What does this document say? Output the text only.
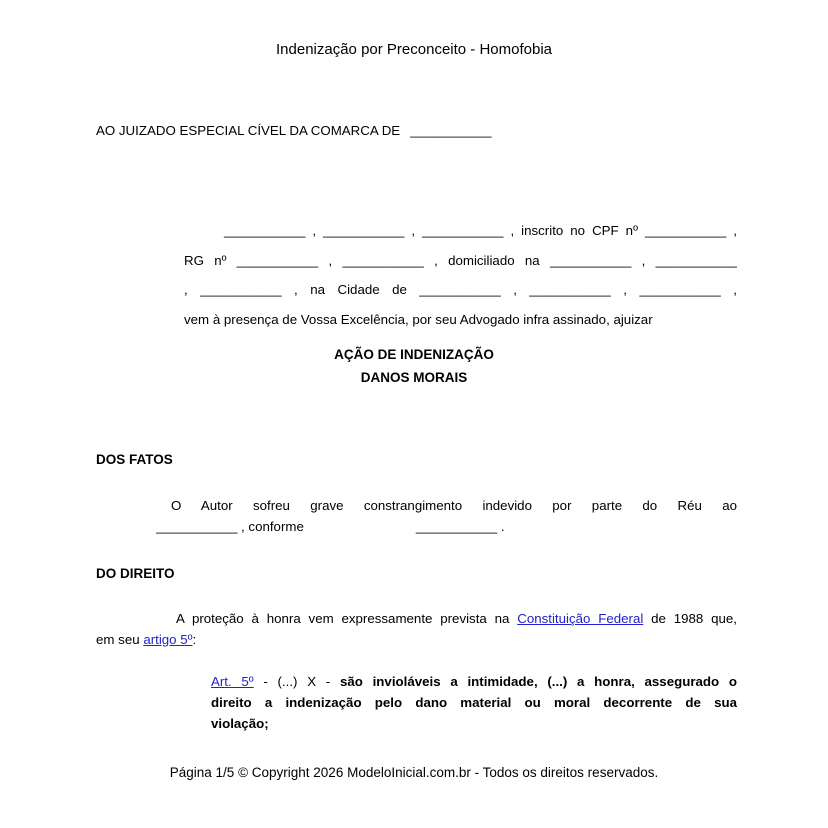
Indenização por Preconceito - Homofobia
AO JUIZADO ESPECIAL CÍVEL DA COMARCA DE ___________
___________ , ___________ , ___________ , inscrito no CPF nº ___________ ,
RG nº ___________ , ___________ , domiciliado na ___________ , ___________
, ___________ , na Cidade de ___________ , ___________ , ___________ ,
vem à presença de Vossa Excelência, por seu Advogado infra assinado, ajuizar
AÇÃO DE INDENIZAÇÃO
DANOS MORAIS
DOS FATOS
O Autor sofreu grave constrangimento indevido por parte do Réu ao
___________ , conforme	___________ .
DO DIREITO
A proteção à honra vem expressamente prevista na Constituição Federal de 1988 que,
em seu artigo 5º:
Art. 5º - (...) X - são invioláveis a intimidade, (...) a honra, assegurado o
direito a indenização pelo dano material ou moral decorrente de sua
violação;
Página 1/5 © Copyright 2026 ModeloInicial.com.br - Todos os direitos reservados.
